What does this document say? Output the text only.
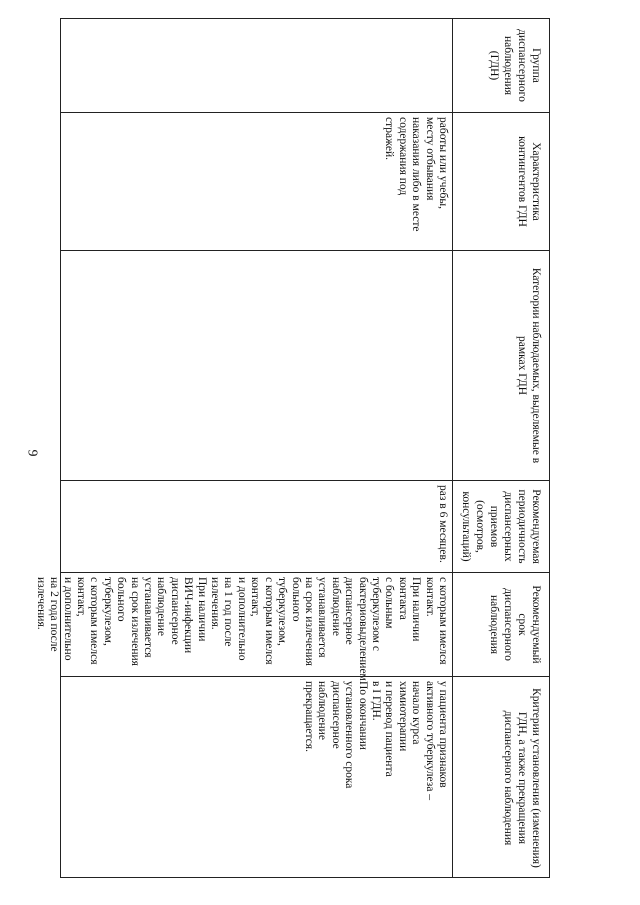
9
Группа диспансерного наблюдения (ГДН)
Характеристика контингентов ГДН
Категории наблюдаемых, выделяемые в рамках ГДН
Рекомендуемая периодичность диспансерных приемов (осмотров, консультаций)
Рекомендуемый срок диспансерного наблюдения
Критерии установления (изменения) ГДН, а также прекращения диспансерного наблюдения
работы или учебы,
месту отбывания
наказания либо в месте
содержания под
стражей.
раз в 6 месяцев.
с которым имелся
контакт.
При наличии контакта
с больным
туберкулезом с
бактериовыделением
диспансерное
наблюдение
устанавливается
на срок излечения
больного туберкулезом,
с которым имелся
контакт,
и дополнительно
на 1 год после
излечения.
При наличии
ВИЧ-инфекции
диспансерное
наблюдение
устанавливается
на срок излечения
больного туберкулезом,
с которым имелся
контакт,
и дополнительно
на 2 года после
излечения.
у пациента признаков
активного туберкулеза –
начало курса
химиотерапии
и перевод пациента
в I ГДН.
По окончании
установленного срока
диспансерное
наблюдение
прекращается.
